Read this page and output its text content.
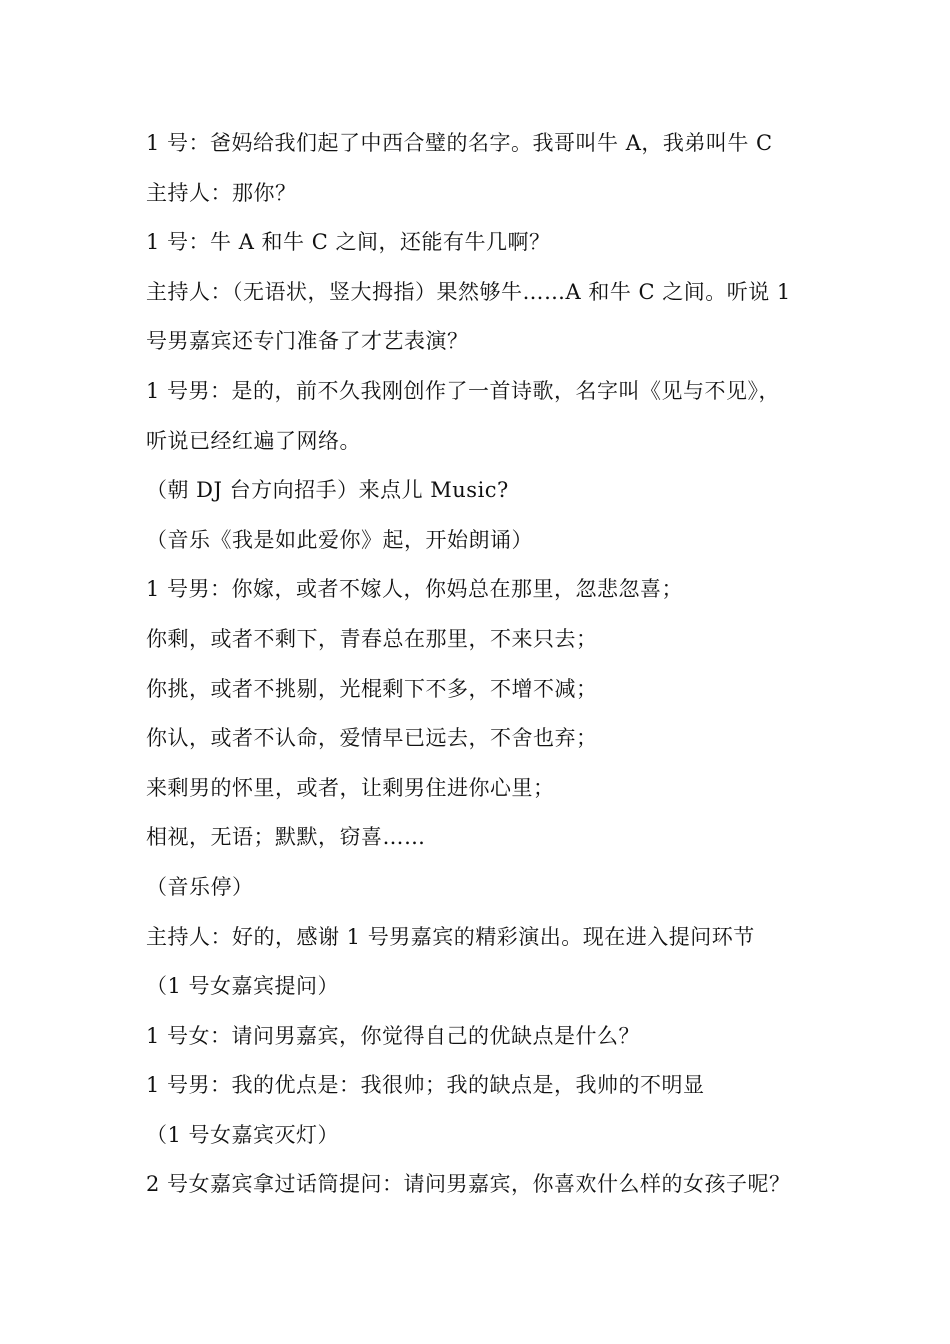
1 号：爸妈给我们起了中西合璧的名字。我哥叫牛 A，我弟叫牛 C
主持人：那你？
1 号：牛 A 和牛 C 之间，还能有牛几啊？
主持人：（无语状，竖大拇指）果然够牛……A 和牛 C 之间。听说 1
号男嘉宾还专门准备了才艺表演？
1 号男：是的，前不久我刚创作了一首诗歌，名字叫《见与不见》，
听说已经红遍了网络。
（朝 DJ 台方向招手）来点儿 Music?
（音乐《我是如此爱你》起，开始朗诵）
1 号男：你嫁，或者不嫁人，你妈总在那里，忽悲忽喜；
你剩，或者不剩下，青春总在那里，不来只去；
你挑，或者不挑剔，光棍剩下不多，不增不减；
你认，或者不认命，爱情早已远去，不舍也弃；
来剩男的怀里，或者，让剩男住进你心里；
相视，无语；默默，窃喜……
（音乐停）
主持人：好的，感谢 1 号男嘉宾的精彩演出。现在进入提问环节
（1 号女嘉宾提问）
1 号女：请问男嘉宾，你觉得自己的优缺点是什么？
1 号男：我的优点是：我很帅；我的缺点是，我帅的不明显
（1 号女嘉宾灭灯）
2 号女嘉宾拿过话筒提问：请问男嘉宾，你喜欢什么样的女孩子呢？
